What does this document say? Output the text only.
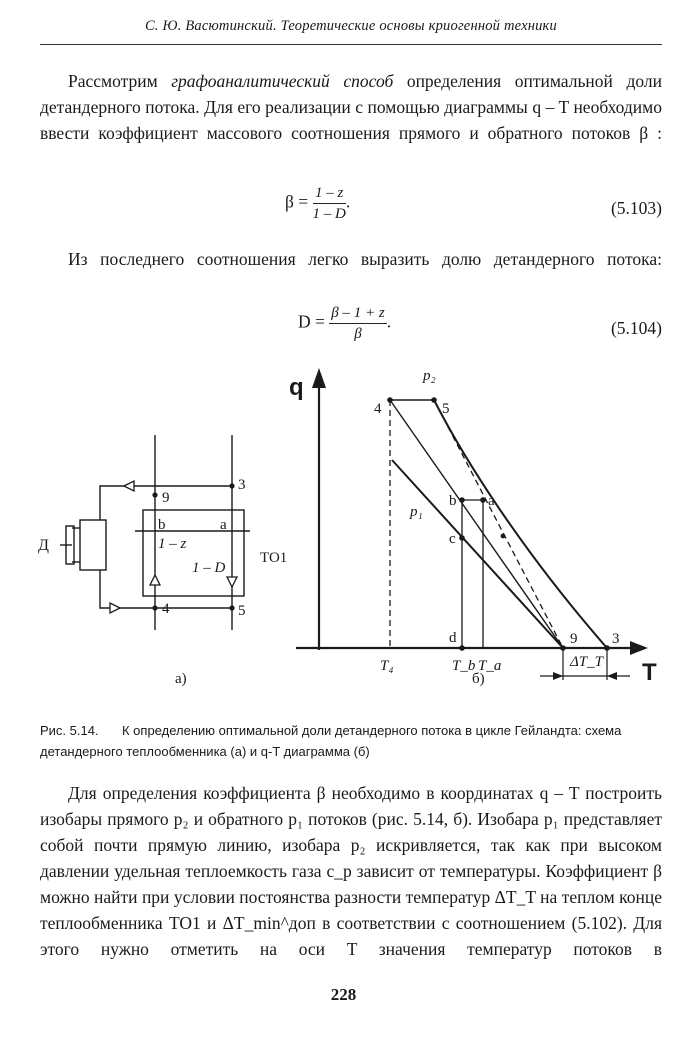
С. Ю. Васютинский. Теоретические основы криогенной техники

Рассмотрим графоаналитический способ определения оптимальной доли детандерного потока. Для его реализации с помощью диаграммы q – T необходимо ввести коэффициент массового соотношения прямого и обратного потоков β :

$\beta = \frac{1 - z}{1 - D}$ .	(5.103)

Из последнего соотношения легко выразить долю детандерного потока:

$D = \frac{\beta - 1 + z}{\beta}$ .	(5.104)
3
9
4	5
b	a
1 – z
1 – D
ТО1
Д
а)
q
T
p₂
p₁
4	5
b a
c
d	9 3
T₄	T_b T_a	ΔT_T
б)
Рис. 5.14. К определению оптимальной доли детандерного потока в цикле Гейландта: схема детандерного теплообменника (а) и q-T диаграмма (б)

Для определения коэффициента β необходимо в координатах q – T построить изобары прямого p₂ и обратного p₁ потоков (рис. 5.14, б). Изобара p₁ представляет собой почти прямую линию, изобара p₂ искривляется, так как при высоком давлении удельная теплоемкость газа c_p зависит от температуры. Коэффициент β можно найти при условии постоянства разности температур ΔT_T на теплом конце теплообменника ТО1 и ΔT_min^доп в соответствии с соотношением (5.102). Для этого нужно отметить на оси T значения температур потоков в

228
